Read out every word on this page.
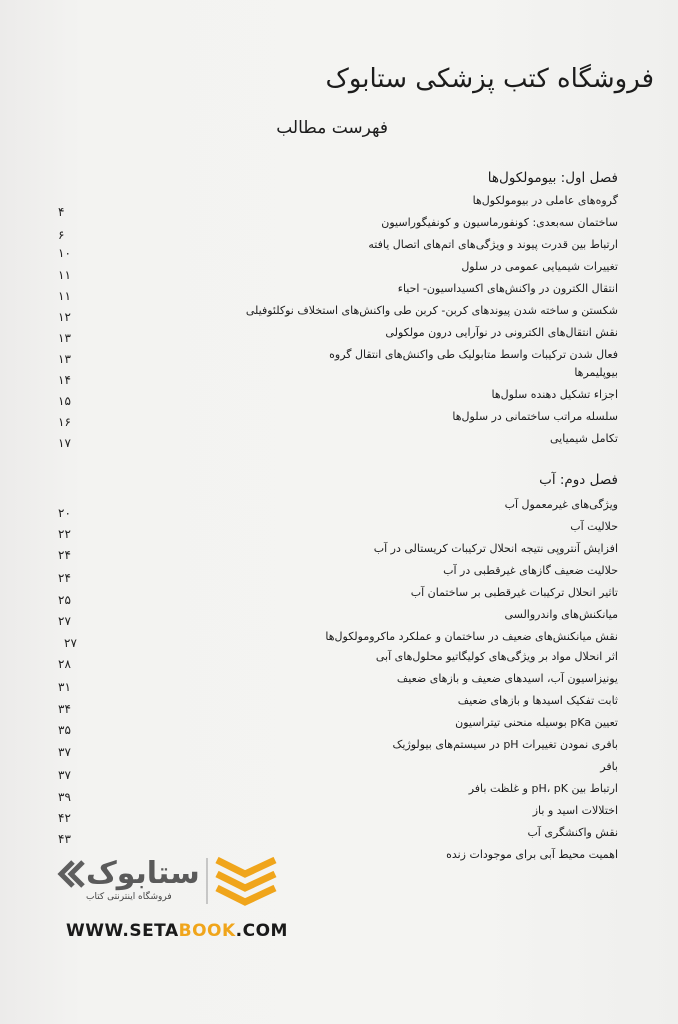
فروشگاه کتب پزشکی ستابوک
فهرست مطالب
فصل اول: بیومولکول‌ها
گروه‌های عاملی در بیومولکول‌ها
۴
ساختمان سه‌بعدی: کونفورماسیون و کونفیگوراسیون
۶
ارتباط بین قدرت پیوند و ویژگی‌های اتم‌های اتصال یافته
۱۰
تغییرات شیمیایی عمومی در سلول
۱۱
انتقال الکترون در واکنش‌های اکسیداسیون- احیاء
۱۱
شکستن و ساخته شدن پیوندهای کربن- کربن طی واکنش‌های استخلاف نوکلئوفیلی
۱۲
نقش انتقال‌های الکترونی در نوآرایی درون مولکولی
۱۳
فعال شدن ترکیبات واسط متابولیک طی واکنش‌های انتقال گروه
۱۳
بیوپلیمرها
۱۴
اجزاء تشکیل دهنده سلول‌ها
۱۵
سلسله مراتب ساختمانی در سلول‌ها
۱۶
تکامل شیمیایی
۱۷
فصل دوم: آب
ویژگی‌های غیرمعمول آب
۲۰
حلالیت آب
۲۲
افزایش آنتروپی نتیجه انحلال ترکیبات کریستالی در آب
۲۴
حلالیت ضعیف گازهای غیرقطبی در آب
۲۴
تاثیر انحلال ترکیبات غیرقطبی بر ساختمان آب
۲۵
میانکنش‌های واندروالسی
۲۷
نقش میانکنش‌های ضعیف در ساختمان و عملکرد ماکرومولکول‌ها
۲۷
اثر انحلال مواد بر ویژگی‌های کولیگاتیو محلول‌های آبی
۲۸
یونیزاسیون آب، اسیدهای ضعیف و بازهای ضعیف
۳۱
ثابت تفکیک اسیدها و بازهای ضعیف
۳۴
تعیین pKa بوسیله منحنی تیتراسیون
۳۵
بافری نمودن تغییرات pH در سیستم‌های بیولوژیک
۳۷
بافر
۳۷
ارتباط بین pH، pK و غلظت بافر
۳۹
اختلالات اسید و باز
۴۲
نقش واکنشگری آب
۴۳
اهمیت محیط آبی برای موجودات زنده
ستابوک
فروشگاه اینترنتی کتاب
WWW.SETABOOK.COM
